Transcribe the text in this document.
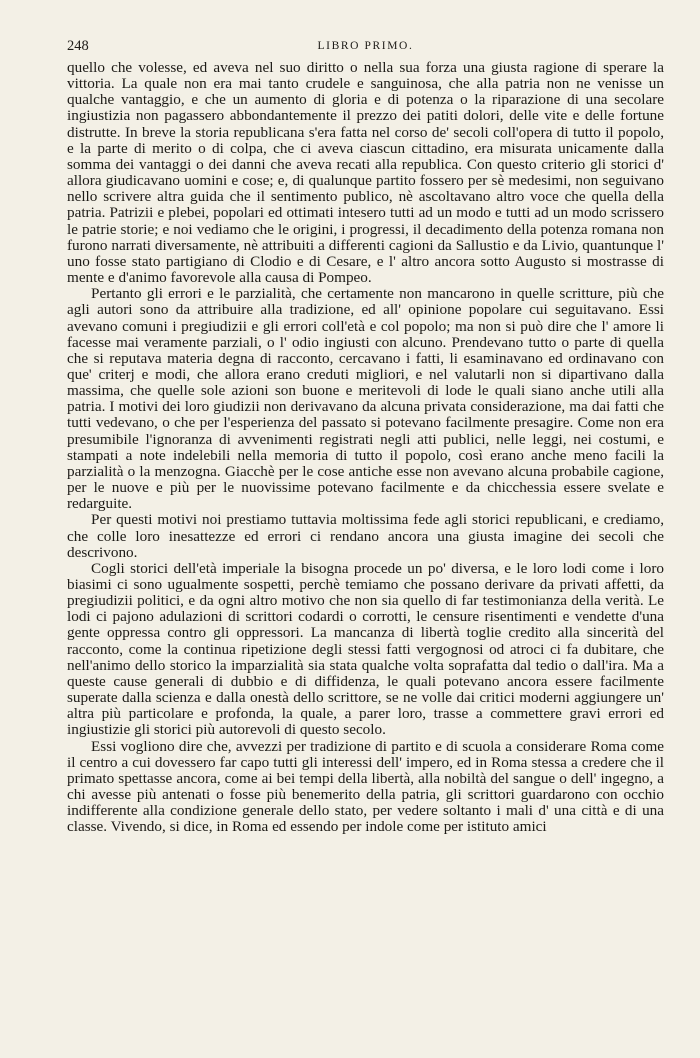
248	LIBRO PRIMO.

quello che volesse, ed aveva nel suo diritto o nella sua forza una giusta ragione di sperare la vittoria. La quale non era mai tanto crudele e sanguinosa, che alla patria non ne venisse un qualche vantaggio, e che un aumento di gloria e di potenza o la riparazione di una secolare ingiustizia non pagassero abbondantemente il prezzo dei patiti dolori, delle vite e delle fortune distrutte. In breve la storia republicana s'era fatta nel corso de' secoli coll'opera di tutto il popolo, e la parte di merito o di colpa, che ci aveva ciascun cittadino, era misurata unicamente dalla somma dei vantaggi o dei danni che aveva recati alla republica. Con questo criterio gli storici d' allora giudicavano uomini e cose; e, di qualunque partito fossero per sè medesimi, non seguivano nello scrivere altra guida che il sentimento publico, nè ascoltavano altro voce che quella della patria. Patrizii e plebei, popolari ed ottimati intesero tutti ad un modo e tutti ad un modo scrissero le patrie storie; e noi vediamo che le origini, i progressi, il decadimento della potenza romana non furono narrati diversamente, nè attribuiti a differenti cagioni da Sallustio e da Livio, quantunque l' uno fosse stato partigiano di Clodio e di Cesare, e l' altro ancora sotto Augusto si mostrasse di mente e d'animo favorevole alla causa di Pompeo.

Pertanto gli errori e le parzialità, che certamente non mancarono in quelle scritture, più che agli autori sono da attribuire alla tradizione, ed all' opinione popolare cui seguitavano. Essi avevano comuni i pregiudizii e gli errori coll'età e col popolo; ma non si può dire che l' amore li facesse mai veramente parziali, o l' odio ingiusti con alcuno. Prendevano tutto o parte di quella che si reputava materia degna di racconto, cercavano i fatti, li esaminavano ed ordinavano con que' criterj e modi, che allora erano creduti migliori, e nel valutarli non si dipartivano dalla massima, che quelle sole azioni son buone e meritevoli di lode le quali siano anche utili alla patria. I motivi dei loro giudizii non derivavano da alcuna privata considerazione, ma dai fatti che tutti vedevano, o che per l'esperienza del passato si potevano facilmente presagire. Come non era presumibile l'ignoranza di avvenimenti registrati negli atti publici, nelle leggi, nei costumi, e stampati a note indelebili nella memoria di tutto il popolo, così erano anche meno facili la parzialità o la menzogna. Giacchè per le cose antiche esse non avevano alcuna probabile cagione, per le nuove e più per le nuovissime potevano facilmente e da chicchessia essere svelate e redarguite.

Per questi motivi noi prestiamo tuttavia moltissima fede agli storici republicani, e crediamo, che colle loro inesattezze ed errori ci rendano ancora una giusta imagine dei secoli che descrivono.

Cogli storici dell'età imperiale la bisogna procede un po' diversa, e le loro lodi come i loro biasimi ci sono ugualmente sospetti, perchè temiamo che possano derivare da privati affetti, da pregiudizii politici, e da ogni altro motivo che non sia quello di far testimonianza della verità. Le lodi ci pajono adulazioni di scrittori codardi o corrotti, le censure risentimenti e vendette d'una gente oppressa contro gli oppressori. La mancanza di libertà toglie credito alla sincerità del racconto, come la continua ripetizione degli stessi fatti vergognosi od atroci ci fa dubitare, che nell'animo dello storico la imparzialità sia stata qualche volta soprafatta dal tedio o dall'ira. Ma a queste cause generali di dubbio e di diffidenza, le quali potevano ancora essere facilmente superate dalla scienza e dalla onestà dello scrittore, se ne volle dai critici moderni aggiungere un' altra più particolare e profonda, la quale, a parer loro, trasse a commettere gravi errori ed ingiustizie gli storici più autorevoli di questo secolo.

Essi vogliono dire che, avvezzi per tradizione di partito e di scuola a considerare Roma come il centro a cui dovessero far capo tutti gli interessi dell' impero, ed in Roma stessa a credere che il primato spettasse ancora, come ai bei tempi della libertà, alla nobiltà del sangue o dell' ingegno, a chi avesse più antenati o fosse più benemerito della patria, gli scrittori guardarono con occhio indifferente alla condizione generale dello stato, per vedere soltanto i mali d' una città e di una classe. Vivendo, si dice, in Roma ed essendo per indole come per istituto amici
